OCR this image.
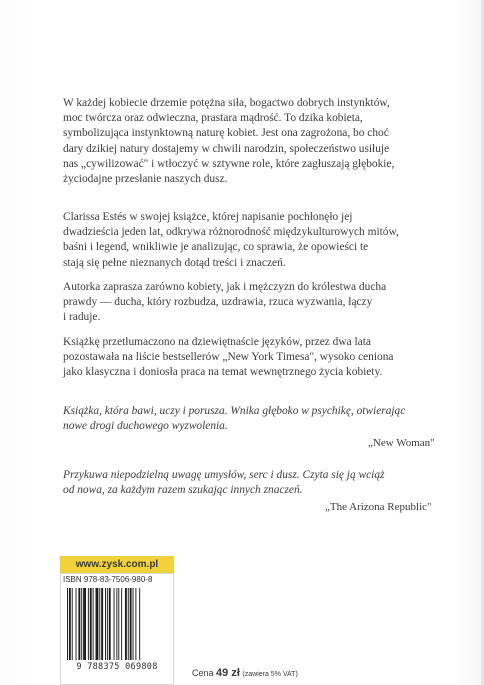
W każdej kobiecie drzemie potężna siła, bogactwo dobrych instynktów,
moc twórcza oraz odwieczna, prastara mądrość. To dzika kobieta,
symbolizująca instynktowną naturę kobiet. Jest ona zagrożona, bo choć
dary dzikiej natury dostajemy w chwili narodzin, społeczeństwo usiłuje
nas „cywilizować" i wtłoczyć w sztywne role, które zagłuszają głębokie,
życiodajne przesłanie naszych dusz.

Clarissa Estés w swojej książce, której napisanie pochłonęło jej
dwadzieścia jeden lat, odkrywa różnorodność międzykulturowych mitów,
baśni i legend, wnikliwie je analizując, co sprawia, że opowieści te
stają się pełne nieznanych dotąd treści i znaczeń.

Autorka zaprasza zarówno kobiety, jak i mężczyzn do królestwa ducha
prawdy — ducha, który rozbudza, uzdrawia, rzuca wyzwania, łączy
i raduje.

Książkę przetłumaczono na dziewiętnaście języków, przez dwa lata
pozostawała na liście bestsellerów „New York Timesa", wysoko ceniona
jako klasyczna i doniosła praca na temat wewnętrznego życia kobiety.

Książka, która bawi, uczy i porusza. Wnika głęboko w psychikę, otwierając
nowe drogi duchowego wyzwolenia.

„New Woman"

Przykuwa niepodzielną uwagę umysłów, serc i dusz. Czyta się ją wciąż
od nowa, za każdym razem szukając innych znaczeń.

„The Arizona Republic"
www.zysk.com.pl
ISBN 978-83-7506-980-8
9 788375 069808
Cena 49 zł (zawiera 5% VAT)
